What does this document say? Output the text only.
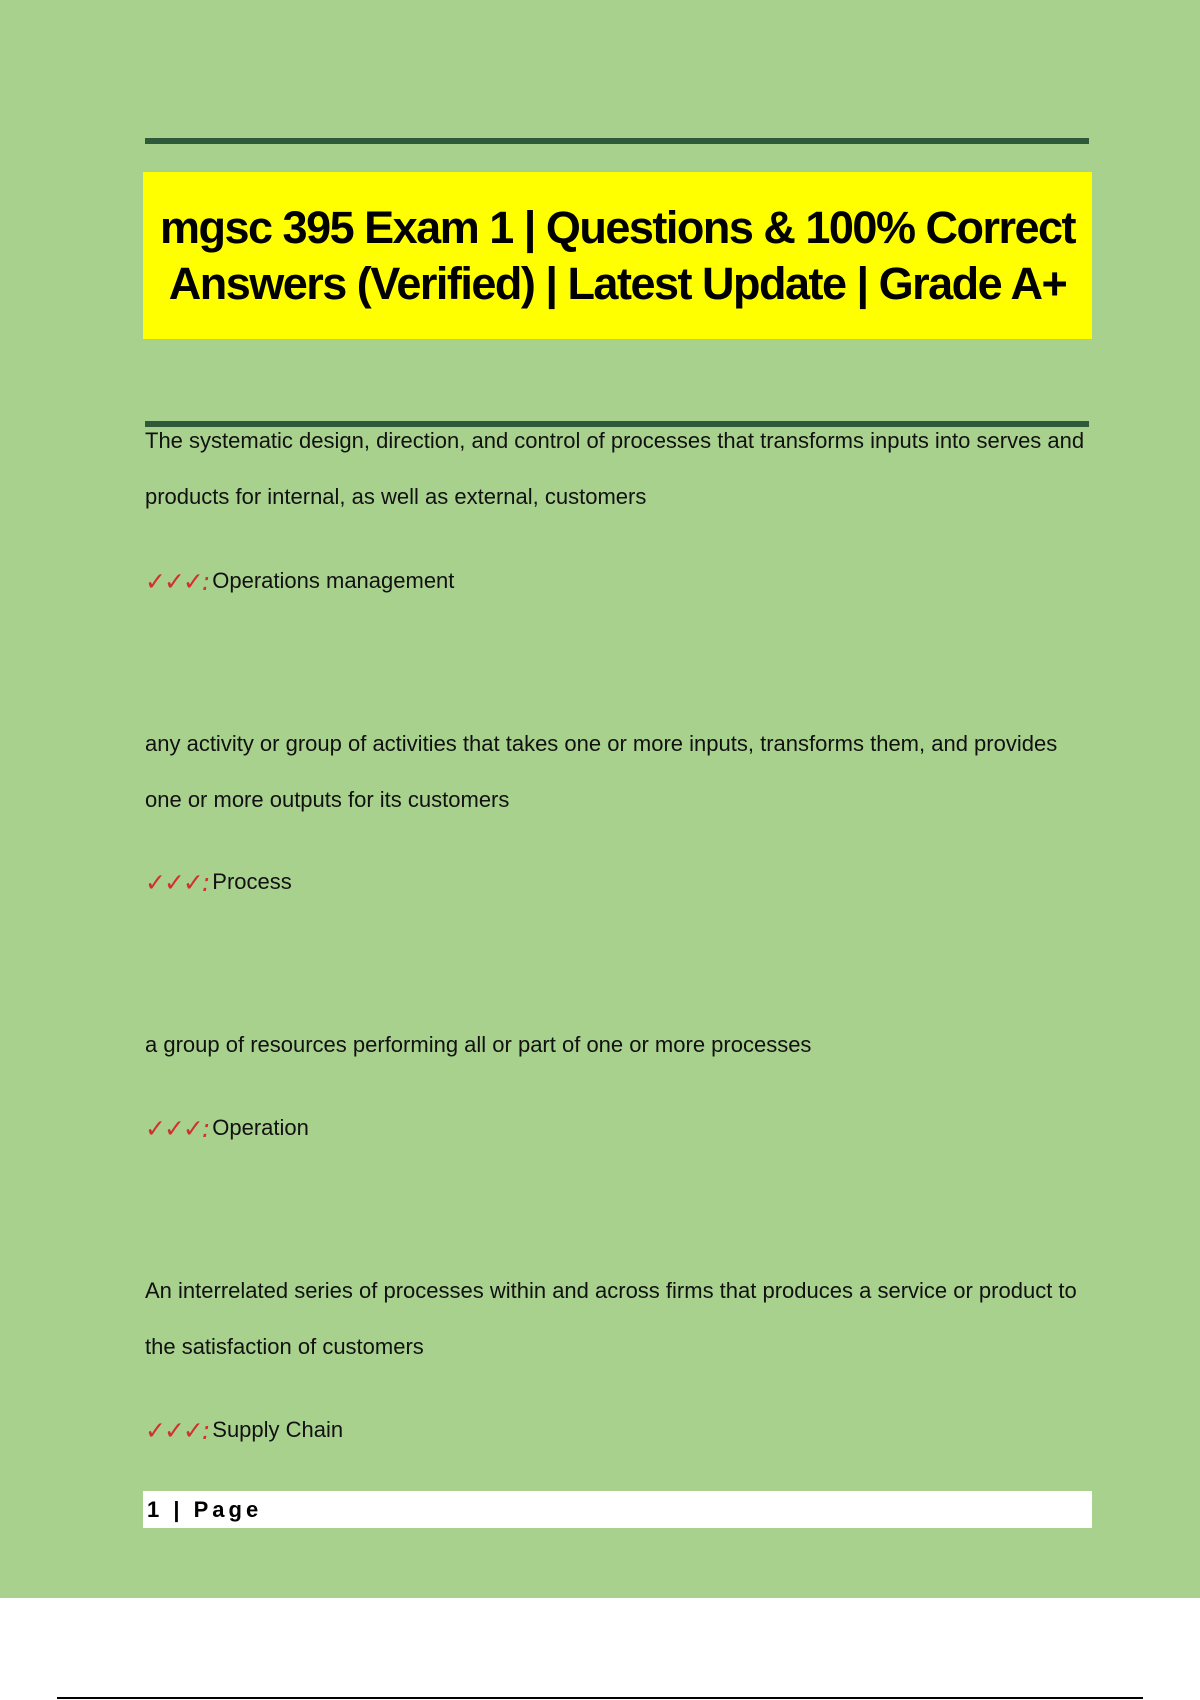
mgsc 395 Exam 1 | Questions & 100% Correct Answers (Verified) | Latest Update | Grade A+

The systematic design, direction, and control of processes that transforms inputs into serves and products for internal, as well as external, customers

✓✓✓: Operations management

any activity or group of activities that takes one or more inputs, transforms them, and provides one or more outputs for its customers

✓✓✓: Process

a group of resources performing all or part of one or more processes

✓✓✓: Operation

An interrelated series of processes within and across firms that produces a service or product to the satisfaction of customers

✓✓✓: Supply Chain
1 | Page
